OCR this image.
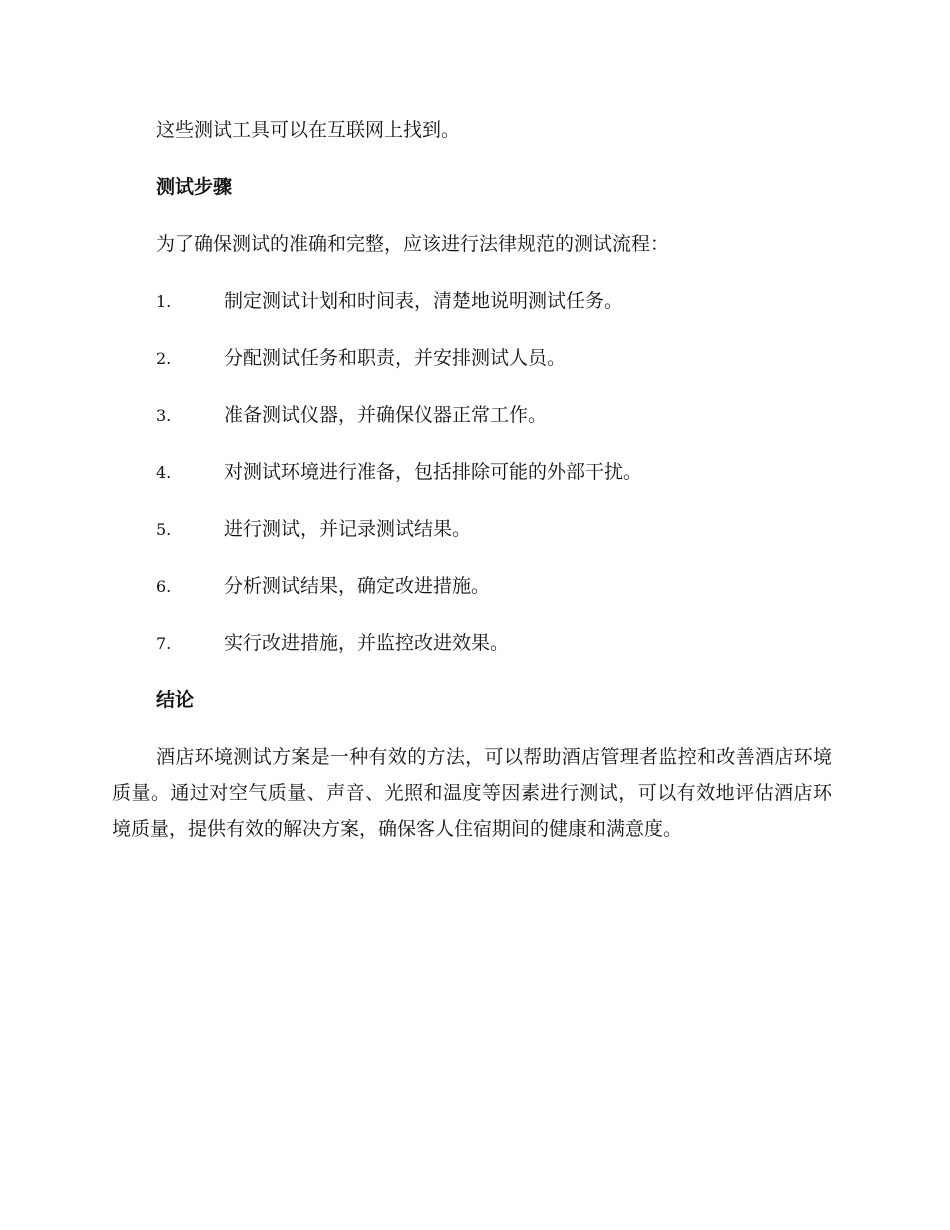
这些测试工具可以在互联网上找到。

测试步骤

为了确保测试的准确和完整，应该进行法律规范的测试流程：

1.	制定测试计划和时间表，清楚地说明测试任务。
2.	分配测试任务和职责，并安排测试人员。
3.	准备测试仪器，并确保仪器正常工作。
4.	对测试环境进行准备，包括排除可能的外部干扰。
5.	进行测试，并记录测试结果。
6.	分析测试结果，确定改进措施。
7.	实行改进措施，并监控改进效果。

结论

酒店环境测试方案是一种有效的方法，可以帮助酒店管理者监控和改善酒店环境质量。通过对空气质量、声音、光照和温度等因素进行测试，可以有效地评估酒店环境质量，提供有效的解决方案，确保客人住宿期间的健康和满意度。
